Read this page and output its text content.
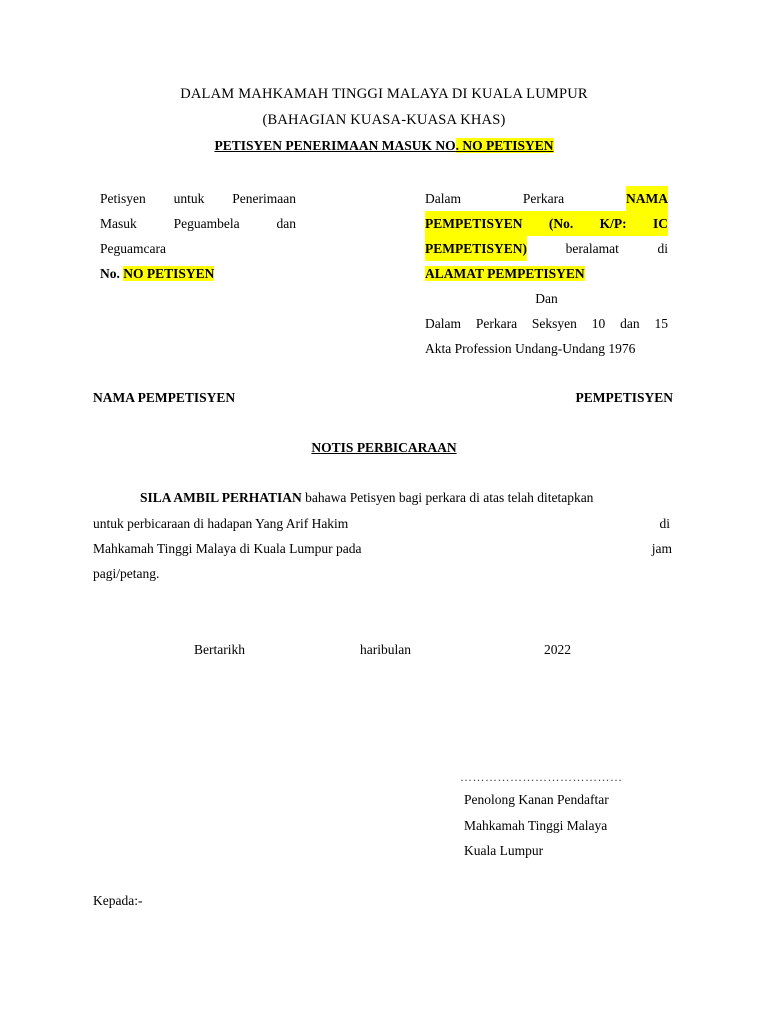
DALAM MAHKAMAH TINGGI MALAYA DI KUALA LUMPUR
(BAHAGIAN KUASA-KUASA KHAS)
PETISYEN PENERIMAAN MASUK NO. NO PETISYEN
Petisyen untuk Penerimaan
Masuk	Peguambela	dan
Peguamcara
No. NO PETISYEN
Dalam	Perkara	NAMA
PEMPETISYEN (No. K/P: IC
PEMPETISYEN)	beralamat	di
ALAMAT PEMPETISYEN
Dan
Dalam Perkara Seksyen 10 dan 15
Akta Profession Undang-Undang 1976
NAMA PEMPETISYEN	PEMPETISYEN
NOTIS PERBICARAAN
SILA AMBIL PERHATIAN bahawa Petisyen bagi perkara di atas telah ditetapkan
untuk perbicaraan di hadapan Yang Arif Hakim	di
Mahkamah Tinggi Malaya di Kuala Lumpur pada	jam
pagi/petang.
Bertarikh	haribulan	2022
…………………………………
Penolong Kanan Pendaftar
Mahkamah Tinggi Malaya
Kuala Lumpur
Kepada:-
